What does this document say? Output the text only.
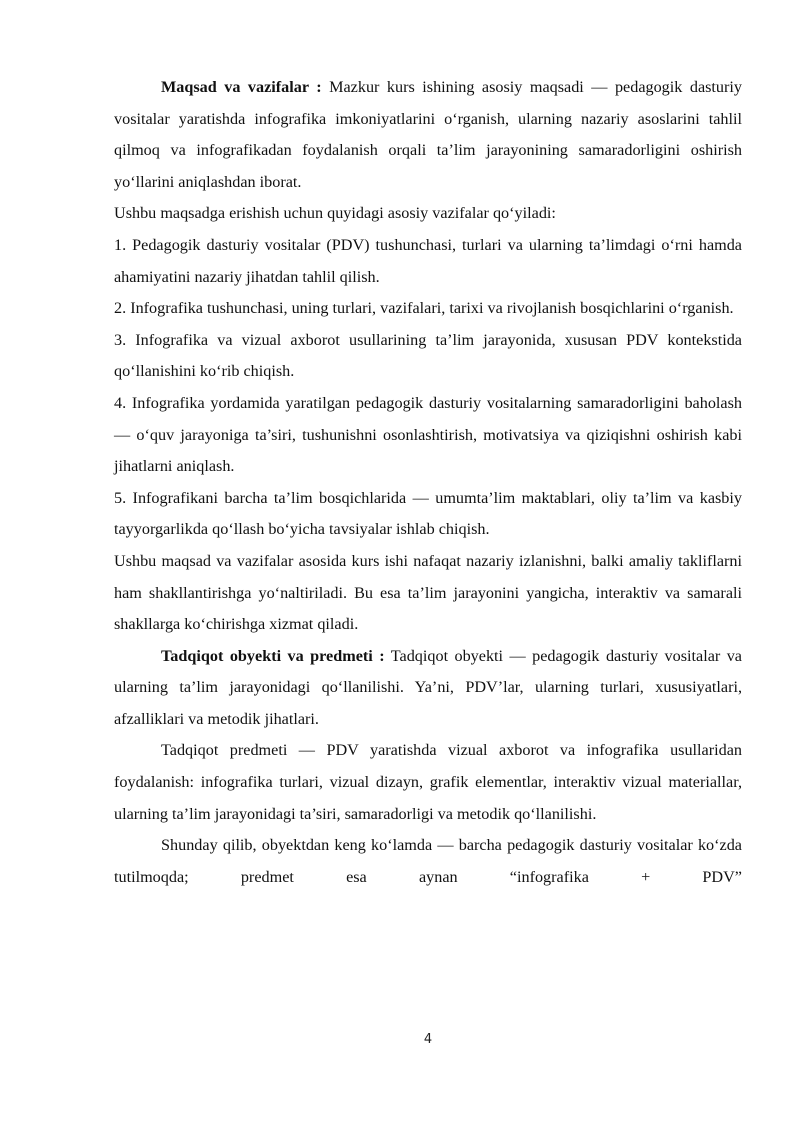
Maqsad va vazifalar : Mazkur kurs ishining asosiy maqsadi — pedagogik dasturiy vositalar yaratishda infografika imkoniyatlarini o‘rganish, ularning nazariy asoslarini tahlil qilmoq va infografikadan foydalanish orqali ta’lim jarayonining samaradorligini oshirish yo‘llarini aniqlashdan iborat.

Ushbu maqsadga erishish uchun quyidagi asosiy vazifalar qo‘yiladi:

1. Pedagogik dasturiy vositalar (PDV) tushunchasi, turlari va ularning ta’limdagi o‘rni hamda ahamiyatini nazariy jihatdan tahlil qilish.

2. Infografika tushunchasi, uning turlari, vazifalari, tarixi va rivojlanish bosqichlarini o‘rganish.

3. Infografika va vizual axborot usullarining ta’lim jarayonida, xususan PDV kontekstida qo‘llanishini ko‘rib chiqish.

4. Infografika yordamida yaratilgan pedagogik dasturiy vositalarning samaradorligini baholash — o‘quv jarayoniga ta’siri, tushunishni osonlashtirish, motivatsiya va qiziqishni oshirish kabi jihatlarni aniqlash.

5. Infografikani barcha ta’lim bosqichlarida — umumta’lim maktablari, oliy ta’lim va kasbiy tayyorgarlikda qo‘llash bo‘yicha tavsiyalar ishlab chiqish.

Ushbu maqsad va vazifalar asosida kurs ishi nafaqat nazariy izlanishni, balki amaliy takliflarni ham shakllantirishga yo‘naltiriladi. Bu esa ta’lim jarayonini yangicha, interaktiv va samarali shakllarga ko‘chirishga xizmat qiladi.

Tadqiqot obyekti va predmeti : Tadqiqot obyekti — pedagogik dasturiy vositalar va ularning ta’lim jarayonidagi qo‘llanilishi. Ya’ni, PDV’lar, ularning turlari, xususiyatlari, afzalliklari va metodik jihatlari.

Tadqiqot predmeti — PDV yaratishda vizual axborot va infografika usullaridan foydalanish: infografika turlari, vizual dizayn, grafik elementlar, interaktiv vizual materiallar, ularning ta’lim jarayonidagi ta’siri, samaradorligi va metodik qo‘llanilishi.

Shunday qilib, obyektdan keng ko‘lamda — barcha pedagogik dasturiy vositalar ko‘zda tutilmoqda; predmet esa aynan “infografika + PDV”

4
